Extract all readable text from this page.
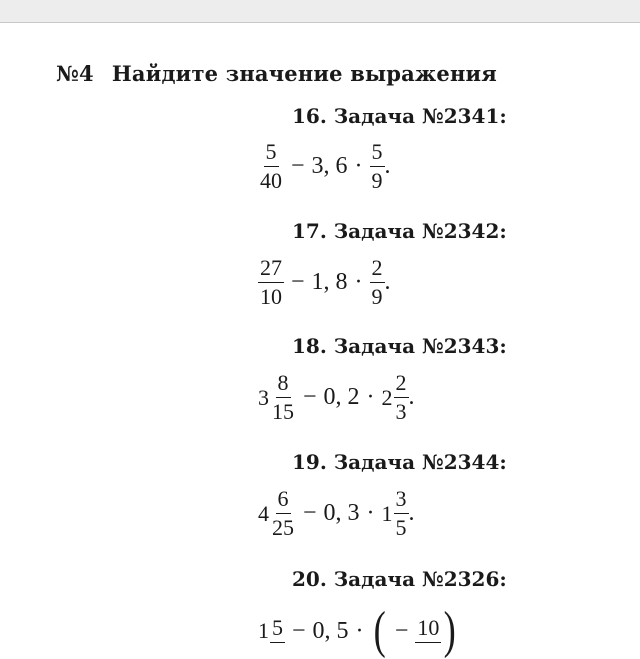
№4 Найдите значение выражения
16. Задача №2341:
$\frac{5}{40} - 3$, $6 \cdot \frac{5}{9}$ .
17. Задача №2342:
$\frac{27}{10} - 1$, $8 \cdot \frac{2}{9}$ .
18. Задача №2343:
$3 \frac{8}{15} - 0$, $2 \cdot 2 \frac{2}{3}$ .
19. Задача №2344:
$4 \frac{6}{25} - 0$, $3 \cdot 1 \frac{3}{5}$ .
20. Задача №2326:
1 5 − 0, 5 · ( − 10 )
